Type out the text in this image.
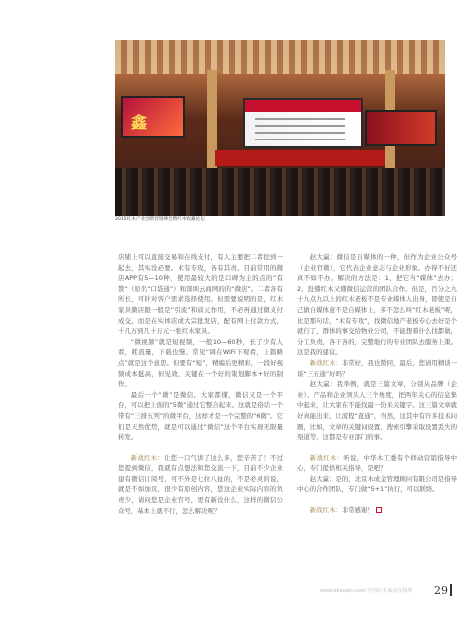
鑫
2015红木产业创新营销峰会暨红木收藏论坛

店铺上可以直接交易和在线支付，有人主要把二者挖到一起去，其实没必要。术有专攻，各有其责。目前常用的微店APP有5—10种，使用最较大的是口碑为主的点的“有赞”（原名“口袋通”）和深圳云商网的的“微店”。二者各有所长，可针对客户需求选择使用。但需要说明的是，红木家具微店跟一般是“引流”和质元作用，不必再通过微支付成交，而是在实体店或大宗批发店，配有网上付款方式，十几万到几十万元一张红木家具。

“微视频”就是短视频，一般10—60秒，长了少有人看，耗流量，下载也慢。常见“调在WiFi下观看，上篇略点”就是这个意思。但要有“短”，精编后更精彩，一段好视频成本挺高，但见效，关键在一个好的策划脚本+好的制作。

最后一个“微”是微信。大家都懂，微信又是一个平台，可以把上面的“5微”通过它整合起来。这就是俗话一个带有“三排五列”的微平台，这样才是一个完整的“6微”。它们是天然优势，就是可以通过“微信”这个平台实现无限量转发。

新战红木：让您一口气讲了这么多，您辛苦了！不过您提到微信，我就有点想法和您交流一下，目前不少企业建有微信订阅号，可不外是七拉八扯的，不是必灵的说，就是不如加页，很少有原创内容，您这企业实际内容的负责少，请问您是企业官号，更有新没什么，这样的微信公众号，基本上就不行，怎么解决呢？

赵大赢：微信是自媒体的一种，但作为企业公众号（企业官微），它代表企业意志与企业形象。办得不好还真不如不办。解决的方法是：1、把它当“媒体”去办；2、投懂红木又懂微信运营的团队合作。但是，百分之九十九点九以上的红木老板不是专业媒体人出身，即使是自己做自媒体意不是自媒体上，多不怎么叫“红木老板”呢，比是那句话，“术有专攻”，找微信地产老板专心去好是个就行了，群体的事交给物业公司，不能想着什么找都做，分工负责，各干各的，完整地行的专业团队去服务上策。这是我的建议。

新战红木：非常好，我也赞同，最后，您请用精谈一谈“三五通”好吗？

赵大赢：我举例，就是三篇文章，分别从品牌（企业）、产品和企业领头人三个角度，把两年关心的信息集中起来，让大家在不能找最一份来关键字。这三篇文章就好真能出来、让流程“直通”，当然，这其中有许多技术问题，比如，文章的关键词设置，搜索引擎采取设置丢失的渠道等，这都是专业部门的事。

新战红木：听说，中华木工委有个移动营销指导中心，专门提供相关指导，是吧？

赵大赢：是的，北京木成金管理顾问有限公司是指导中心的合作团队，专门做“5+1”执行，可以联络。

新战红木：非常感谢！

www.ebaopin.com 中国红木家具在线网 29
